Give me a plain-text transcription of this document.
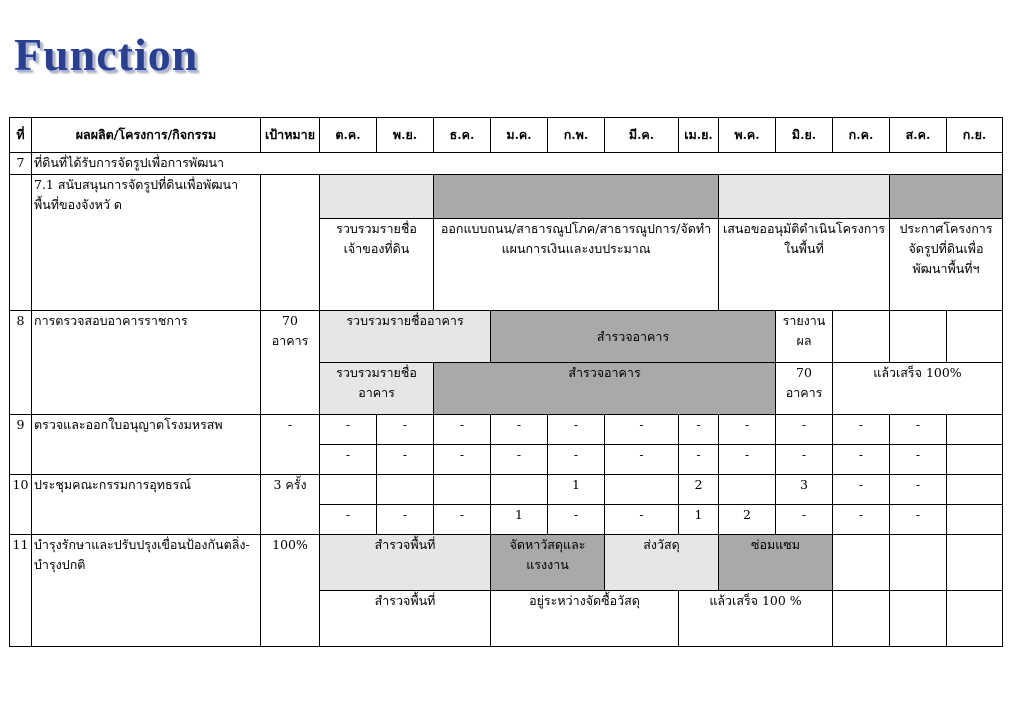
Function
ที่	ผลผลิต/โครงการ/กิจกรรม	เป้าหมาย	ต.ค.	พ.ย.	ธ.ค.	ม.ค.	ก.พ.	มี.ค.	เม.ย.	พ.ค.	มิ.ย.	ก.ค.	ส.ค.	ก.ย.
7	ที่ดินที่ได้รับการจัดรูปเพื่อการพัฒนา													
	7.1 สนับสนุนการจัดรูปที่ดินเพื่อพัฒนาพื้นที่ของจังหวั ด													
			รวบรวมรายชื่อเจ้าของที่ดิน		ออกแบบถนน/สาธารณูปโภค/สาธารณูปการ/จัดทำแผนการเงินและงบประมาณ					เสนอขออนุมัติดำเนินโครงการในพื้นที่			ประกาศโครงการจัดรูปที่ดินเพื่อพัฒนาพื้นที่ฯ	
8	การตรวจสอบอาคารราชการ	70 อาคาร	รวบรวมรายชื่ออาคาร			สำรวจอาคาร					รายงานผล			
			รวบรวมรายชื่ออาคาร		สำรวจอาคาร						70 อาคาร	แล้วเสร็จ 100%		
9	ตรวจและออกใบอนุญาตโรงมหรสพ	-	-	-	-	-	-	-	-	-	-	-	-	
			-	-	-	-	-	-	-	-	-	-	-	
10	ประชุมคณะกรรมการอุทธรณ์	3 ครั้ง					1		2		3	-	-	
			-	-	-	1	-	-	1	2	-	-	-	
11	บำรุงรักษาและปรับปรุงเขื่อนป้องกันตลิ่ง- บำรุงปกติ	100%	สำรวจพื้นที่			จัดหาวัสดุและแรงงาน		ส่งวัสดุ		ซ่อมแซม				
			สำรวจพื้นที่			อยู่ระหว่างจัดซื้อวัสดุ			แล้วเสร็จ 100 %					
